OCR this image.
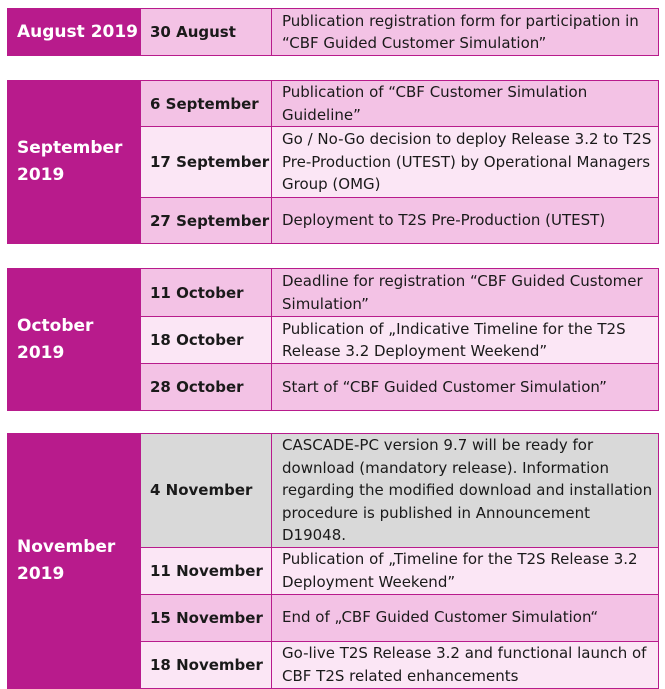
August 2019	30 August	Publication registration form for participation in “CBF Guided Customer Simulation”
September 2019	6 September	Publication of “CBF Customer Simulation Guideline”
	17 September	Go / No-Go decision to deploy Release 3.2 to T2S Pre-Production (UTEST) by Operational Managers Group (OMG)
	27 September	Deployment to T2S Pre-Production (UTEST)
October 2019	11 October	Deadline for registration “CBF Guided Customer Simulation”
	18 October	Publication of „Indicative Timeline for the T2S Release 3.2 Deployment Weekend”
	28 October	Start of “CBF Guided Customer Simulation”
November 2019	4 November	CASCADE-PC version 9.7 will be ready for download (mandatory release). Information regarding the modified download and installation procedure is published in Announcement D19048.
	11 November	Publication of „Timeline for the T2S Release 3.2 Deployment Weekend”
	15 November	End of „CBF Guided Customer Simulation“
	18 November	Go-live T2S Release 3.2 and functional launch of CBF T2S related enhancements
